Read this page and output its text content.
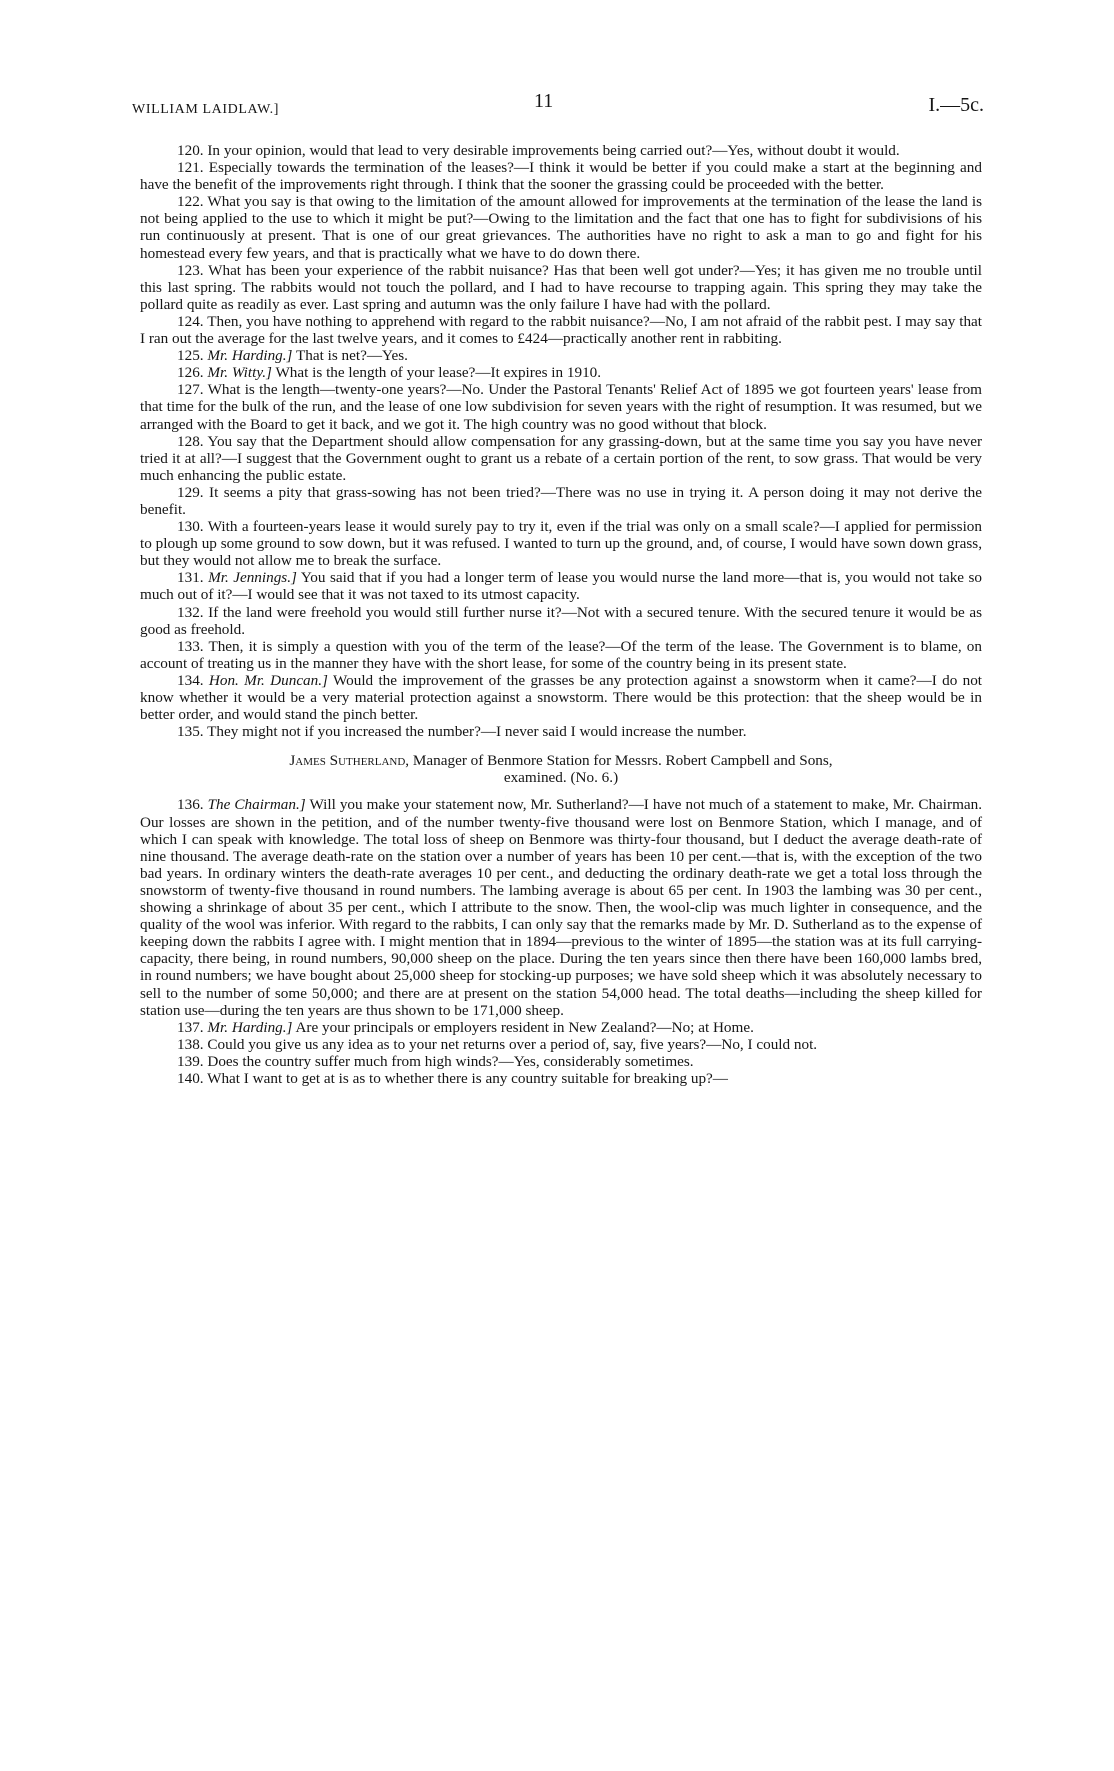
WILLIAM LAIDLAW.]	11	I.—5c.

120. In your opinion, would that lead to very desirable improvements being carried out?—Yes, without doubt it would.

121. Especially towards the termination of the leases?—I think it would be better if you could make a start at the beginning and have the benefit of the improvements right through. I think that the sooner the grassing could be proceeded with the better.

122. What you say is that owing to the limitation of the amount allowed for improvements at the termination of the lease the land is not being applied to the use to which it might be put?—Owing to the limitation and the fact that one has to fight for subdivisions of his run continuously at present. That is one of our great grievances. The authorities have no right to ask a man to go and fight for his homestead every few years, and that is practically what we have to do down there.

123. What has been your experience of the rabbit nuisance? Has that been well got under?—Yes; it has given me no trouble until this last spring. The rabbits would not touch the pollard, and I had to have recourse to trapping again. This spring they may take the pollard quite as readily as ever. Last spring and autumn was the only failure I have had with the pollard.

124. Then, you have nothing to apprehend with regard to the rabbit nuisance?—No, I am not afraid of the rabbit pest. I may say that I ran out the average for the last twelve years, and it comes to £424—practically another rent in rabbiting.

125. Mr. Harding.] That is net?—Yes.

126. Mr. Witty.] What is the length of your lease?—It expires in 1910.

127. What is the length—twenty-one years?—No. Under the Pastoral Tenants' Relief Act of 1895 we got fourteen years' lease from that time for the bulk of the run, and the lease of one low subdivision for seven years with the right of resumption. It was resumed, but we arranged with the Board to get it back, and we got it. The high country was no good without that block.

128. You say that the Department should allow compensation for any grassing-down, but at the same time you say you have never tried it at all?—I suggest that the Government ought to grant us a rebate of a certain portion of the rent, to sow grass. That would be very much enhancing the public estate.

129. It seems a pity that grass-sowing has not been tried?—There was no use in trying it. A person doing it may not derive the benefit.

130. With a fourteen-years lease it would surely pay to try it, even if the trial was only on a small scale?—I applied for permission to plough up some ground to sow down, but it was refused. I wanted to turn up the ground, and, of course, I would have sown down grass, but they would not allow me to break the surface.

131. Mr. Jennings.] You said that if you had a longer term of lease you would nurse the land more—that is, you would not take so much out of it?—I would see that it was not taxed to its utmost capacity.

132. If the land were freehold you would still further nurse it?—Not with a secured tenure. With the secured tenure it would be as good as freehold.

133. Then, it is simply a question with you of the term of the lease?—Of the term of the lease. The Government is to blame, on account of treating us in the manner they have with the short lease, for some of the country being in its present state.

134. Hon. Mr. Duncan.] Would the improvement of the grasses be any protection against a snowstorm when it came?—I do not know whether it would be a very material protection against a snowstorm. There would be this protection: that the sheep would be in better order, and would stand the pinch better.

135. They might not if you increased the number?—I never said I would increase the number.

James Sutherland, Manager of Benmore Station for Messrs. Robert Campbell and Sons,
examined. (No. 6.)

136. The Chairman.] Will you make your statement now, Mr. Sutherland?—I have not much of a statement to make, Mr. Chairman. Our losses are shown in the petition, and of the number twenty-five thousand were lost on Benmore Station, which I manage, and of which I can speak with knowledge. The total loss of sheep on Benmore was thirty-four thousand, but I deduct the average death-rate of nine thousand. The average death-rate on the station over a number of years has been 10 per cent.—that is, with the exception of the two bad years. In ordinary winters the death-rate averages 10 per cent., and deducting the ordinary death-rate we get a total loss through the snowstorm of twenty-five thousand in round numbers. The lambing average is about 65 per cent. In 1903 the lambing was 30 per cent., showing a shrinkage of about 35 per cent., which I attribute to the snow. Then, the wool-clip was much lighter in consequence, and the quality of the wool was inferior. With regard to the rabbits, I can only say that the remarks made by Mr. D. Sutherland as to the expense of keeping down the rabbits I agree with. I might mention that in 1894—previous to the winter of 1895—the station was at its full carrying-capacity, there being, in round numbers, 90,000 sheep on the place. During the ten years since then there have been 160,000 lambs bred, in round numbers; we have bought about 25,000 sheep for stocking-up purposes; we have sold sheep which it was absolutely necessary to sell to the number of some 50,000; and there are at present on the station 54,000 head. The total deaths—including the sheep killed for station use—during the ten years are thus shown to be 171,000 sheep.

137. Mr. Harding.] Are your principals or employers resident in New Zealand?—No; at Home.

138. Could you give us any idea as to your net returns over a period of, say, five years?—No, I could not.

139. Does the country suffer much from high winds?—Yes, considerably sometimes.

140. What I want to get at is as to whether there is any country suitable for breaking up?—
